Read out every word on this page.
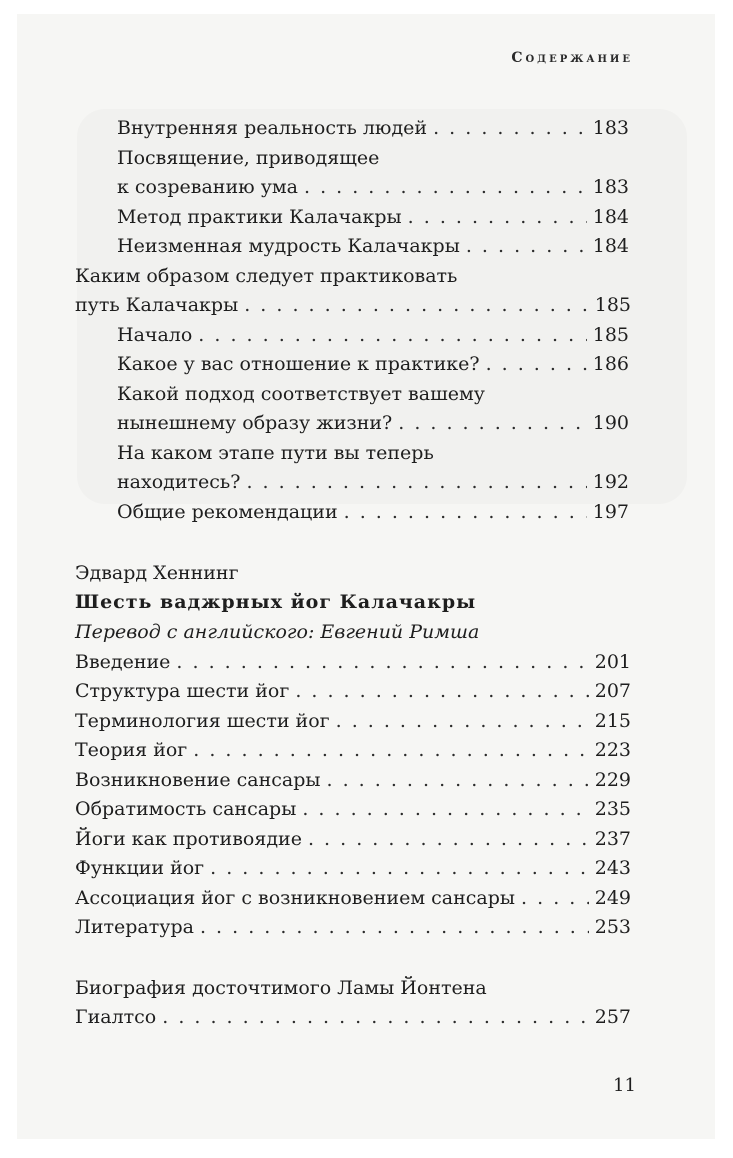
Содержание
Внутренняя реальность людей . . .	183
Посвящение, приводящее
к созреванию ума . . .	183
Метод практики Калачакры . . .	184
Неизменная мудрость Калачакры . . .	184
Каким образом следует практиковать
путь Калачакры . . .	185
Начало . . .	185
Какое у вас отношение к практике? . . .	186
Какой подход соответствует вашему
нынешнему образу жизни? . . .	190
На каком этапе пути вы теперь
находитесь? . . .	192
Общие рекомендации . . .	197
Эдвард Хеннинг
Шесть ваджрных йог Калачакры
Перевод с английского: Евгений Римша
Введение . . .	201
Структура шести йог . . .	207
Терминология шести йог . . .	215
Теория йог . . .	223
Возникновение сансары . . .	229
Обратимость сансары . . .	235
Йоги как противоядие . . .	237
Функции йог . . .	243
Ассоциация йог с возникновением сансары . . .	249
Литература . . .	253
Биография досточтимого Ламы Йонтена
Гиалтсо . . .	257
11
